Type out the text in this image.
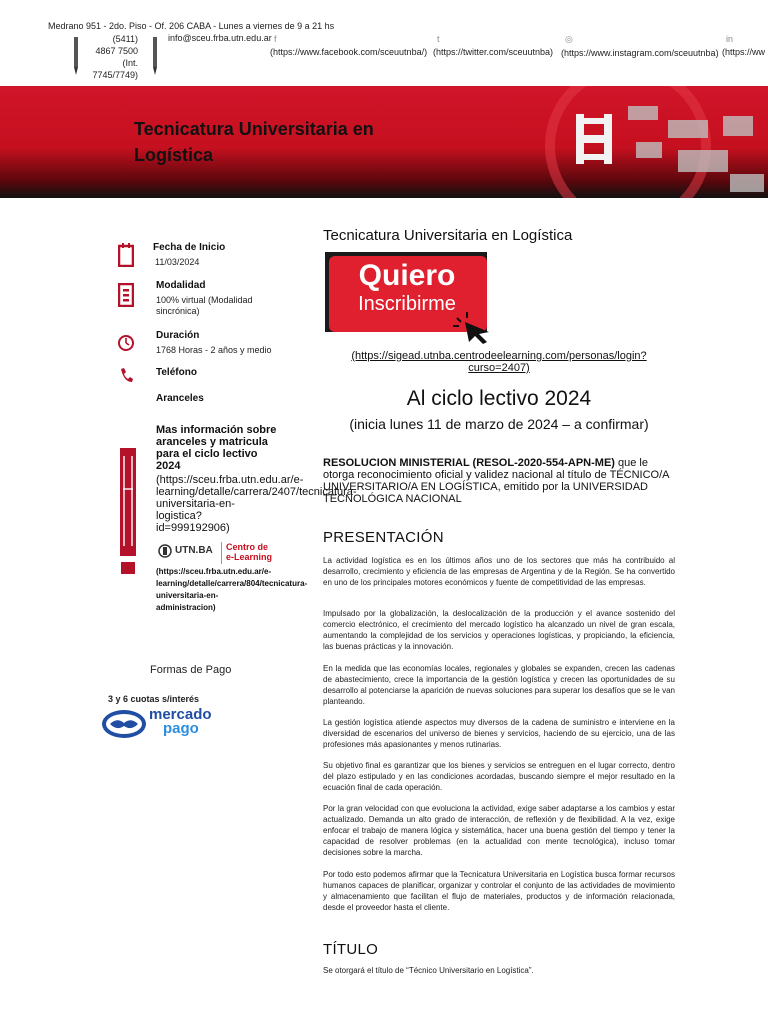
Medrano 951 - 2do. Piso - Of. 206 CABA - Lunes a viernes de 9 a 21 hs
(5411)
4867 7500
(Int.
7745/7749)
info@sceu.frba.utn.edu.ar f
(https://www.facebook.com/sceuutnba/)
t
(https://twitter.com/sceuutnba)
◎
(https://www.instagram.com/sceuutnba)
in
(https://ww
Tecnicatura Universitaria en
Logística
Fecha de Inicio
11/03/2024
Modalidad
100% virtual (Modalidad
sincrónica)
Duración
1768 Horas - 2 años y medio
Teléfono
Aranceles
Mas información sobre
aranceles y matricula
para el ciclo lectivo
2024
(https://sceu.frba.utn.edu.ar/e-
learning/detalle/carrera/2407/tecnicatura-
universitaria-en-
logistica?
id=999192906)
UTN.BA Centro de
e-Learning
(https://sceu.frba.utn.edu.ar/e-
learning/detalle/carrera/804/tecnicatura-
universitaria-en-
administracion)
Formas de Pago
3 y 6 cuotas s/interés
mercado
pago
Tecnicatura Universitaria en Logística
Quiero
Inscribirme
(https://sigead.utnba.centrodeelearning.com/personas/login?
curso=2407)
Al ciclo lectivo 2024
(inicia lunes 11 de marzo de 2024 – a confirmar)
RESOLUCION MINISTERIAL (RESOL-2020-554-APN-ME) que le otorga reconocimiento oficial y validez nacional al título de TÉCNICO/A UNIVERSITARIO/A EN LOGÍSTICA, emitido por la UNIVERSIDAD TECNOLÓGICA NACIONAL
PRESENTACIÓN
La actividad logística es en los últimos años uno de los sectores que más ha contribuido al desarrollo, crecimiento y eficiencia de las empresas de Argentina y de la Región. Se ha convertido en uno de los principales motores económicos y fuente de competitividad de las empresas.
Impulsado por la globalización, la deslocalización de la producción y el avance sostenido del comercio electrónico, el crecimiento del mercado logístico ha alcanzado un nivel de gran escala, aumentando la complejidad de los servicios y operaciones logísticas, y propiciando, la eficiencia, las buenas prácticas y la innovación.
En la medida que las economías locales, regionales y globales se expanden, crecen las cadenas de abastecimiento, crece la importancia de la gestión logística y crecen las oportunidades de su desarrollo al potenciarse la aparición de nuevas soluciones para superar los desafíos que se le van planteando.
La gestión logística atiende aspectos muy diversos de la cadena de suministro e interviene en la diversidad de escenarios del universo de bienes y servicios, haciendo de su ejercicio, una de las profesiones más apasionantes y menos rutinarias.
Su objetivo final es garantizar que los bienes y servicios se entreguen en el lugar correcto, dentro del plazo estipulado y en las condiciones acordadas, buscando siempre el mejor resultado en la ecuación final de cada operación.
Por la gran velocidad con que evoluciona la actividad, exige saber adaptarse a los cambios y estar actualizado. Demanda un alto grado de interacción, de reflexión y de flexibilidad. A la vez, exige enfocar el trabajo de manera lógica y sistemática, hacer una buena gestión del tiempo y tener la capacidad de resolver problemas (en la actualidad con mente tecnológica), incluso tomar decisiones sobre la marcha.
Por todo esto podemos afirmar que la Tecnicatura Universitaria en Logística busca formar recursos humanos capaces de planificar, organizar y controlar el conjunto de las actividades de movimiento y almacenamiento que facilitan el flujo de materiales, productos y de información relacionada, desde el proveedor hasta el cliente.
TÍTULO
Se otorgará el título de “Técnico Universitario en Logística”.
